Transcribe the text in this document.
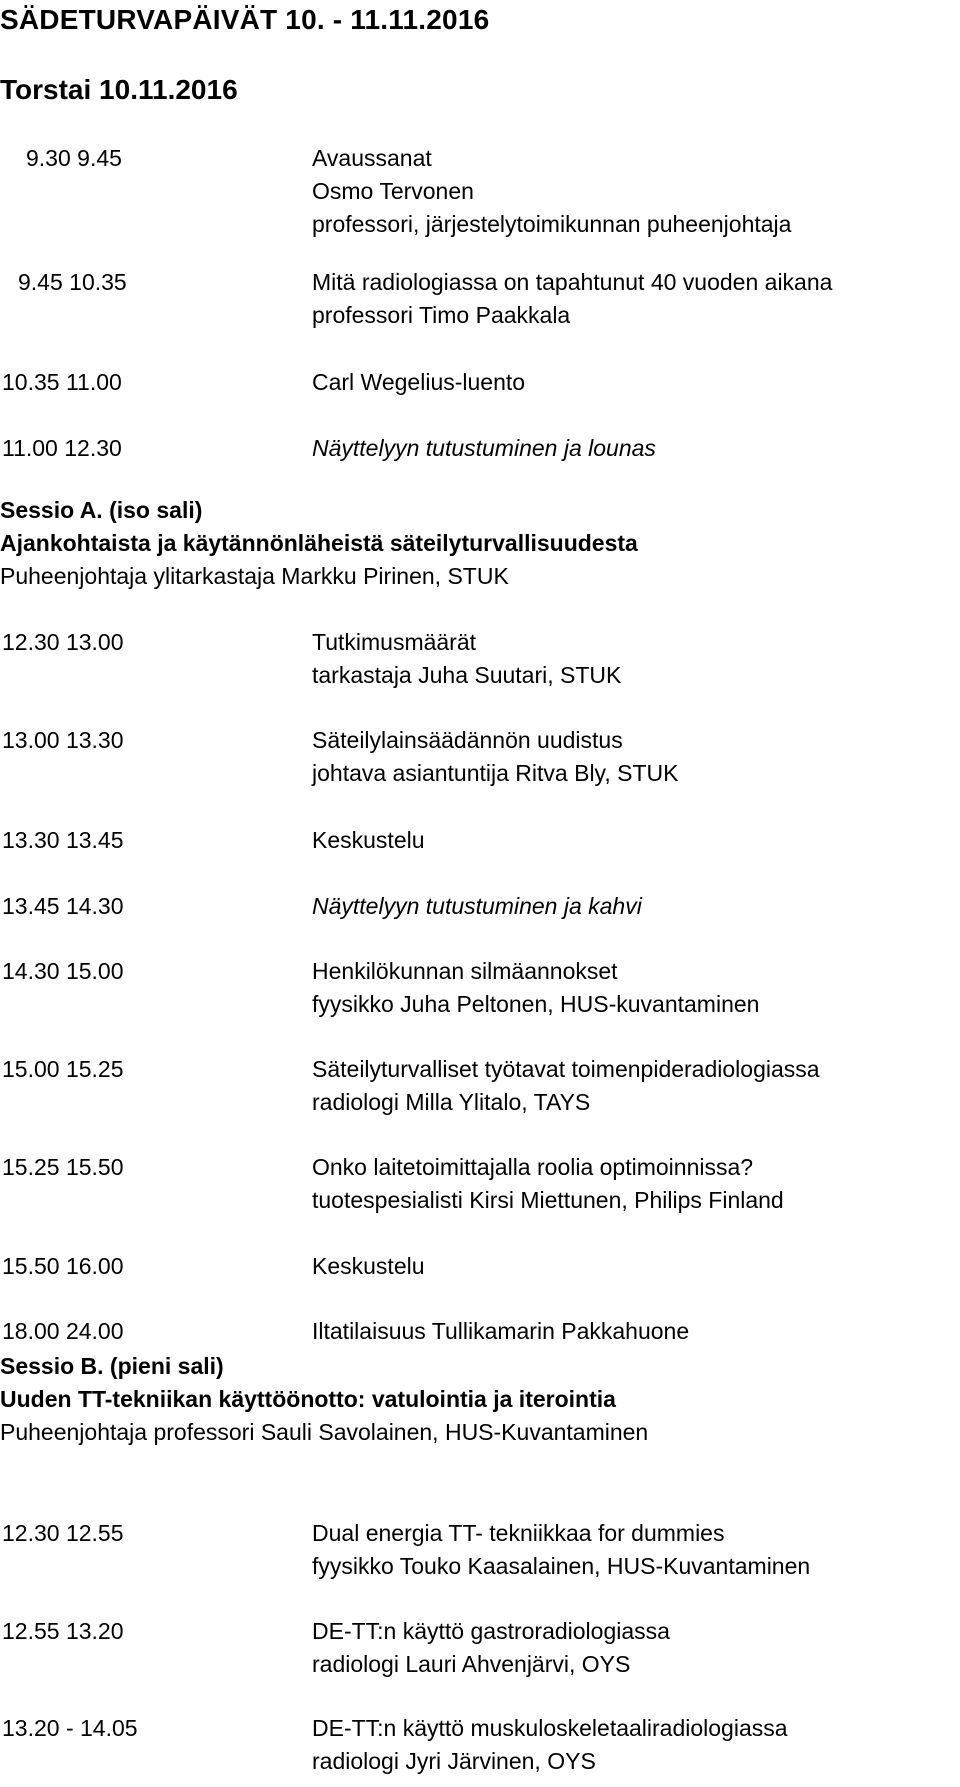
SÄDETURVAPÄIVÄT 10. - 11.11.2016
Torstai 10.11.2016
9.30 9.45	Avaussanat
Osmo Tervonen
professori, järjestelytoimikunnan puheenjohtaja
9.45 10.35	Mitä radiologiassa on tapahtunut 40 vuoden aikana
professori Timo Paakkala
10.35 11.00	Carl Wegelius-luento
11.00 12.30	Näyttelyyn tutustuminen ja lounas
Sessio A. (iso sali)
Ajankohtaista ja käytännönläheistä säteilyturvallisuudesta
Puheenjohtaja ylitarkastaja Markku Pirinen, STUK
12.30 13.00	Tutkimusmäärät
tarkastaja Juha Suutari, STUK
13.00 13.30	Säteilylainsäädännön uudistus
johtava asiantuntija Ritva Bly, STUK
13.30 13.45	Keskustelu
13.45 14.30	Näyttelyyn tutustuminen ja kahvi
14.30 15.00	Henkilökunnan silmäannokset
fyysikko Juha Peltonen, HUS-kuvantaminen
15.00 15.25	Säteilyturvalliset työtavat toimenpideradiologiassa
radiologi Milla Ylitalo, TAYS
15.25 15.50	Onko laitetoimittajalla roolia optimoinnissa?
tuotespesialisti Kirsi Miettunen, Philips Finland
15.50 16.00	Keskustelu
18.00 24.00	Iltatilaisuus Tullikamarin Pakkahuone
Sessio B. (pieni sali)
Uuden TT-tekniikan käyttöönotto: vatulointia ja iterointia
Puheenjohtaja professori Sauli Savolainen, HUS-Kuvantaminen
12.30 12.55	Dual energia TT- tekniikkaa for dummies
fyysikko Touko Kaasalainen, HUS-Kuvantaminen
12.55 13.20	DE-TT:n käyttö gastroradiologiassa
radiologi Lauri Ahvenjärvi, OYS
13.20 - 14.05	DE-TT:n käyttö muskuloskeletaaliradiologiassa
radiologi Jyri Järvinen, OYS
